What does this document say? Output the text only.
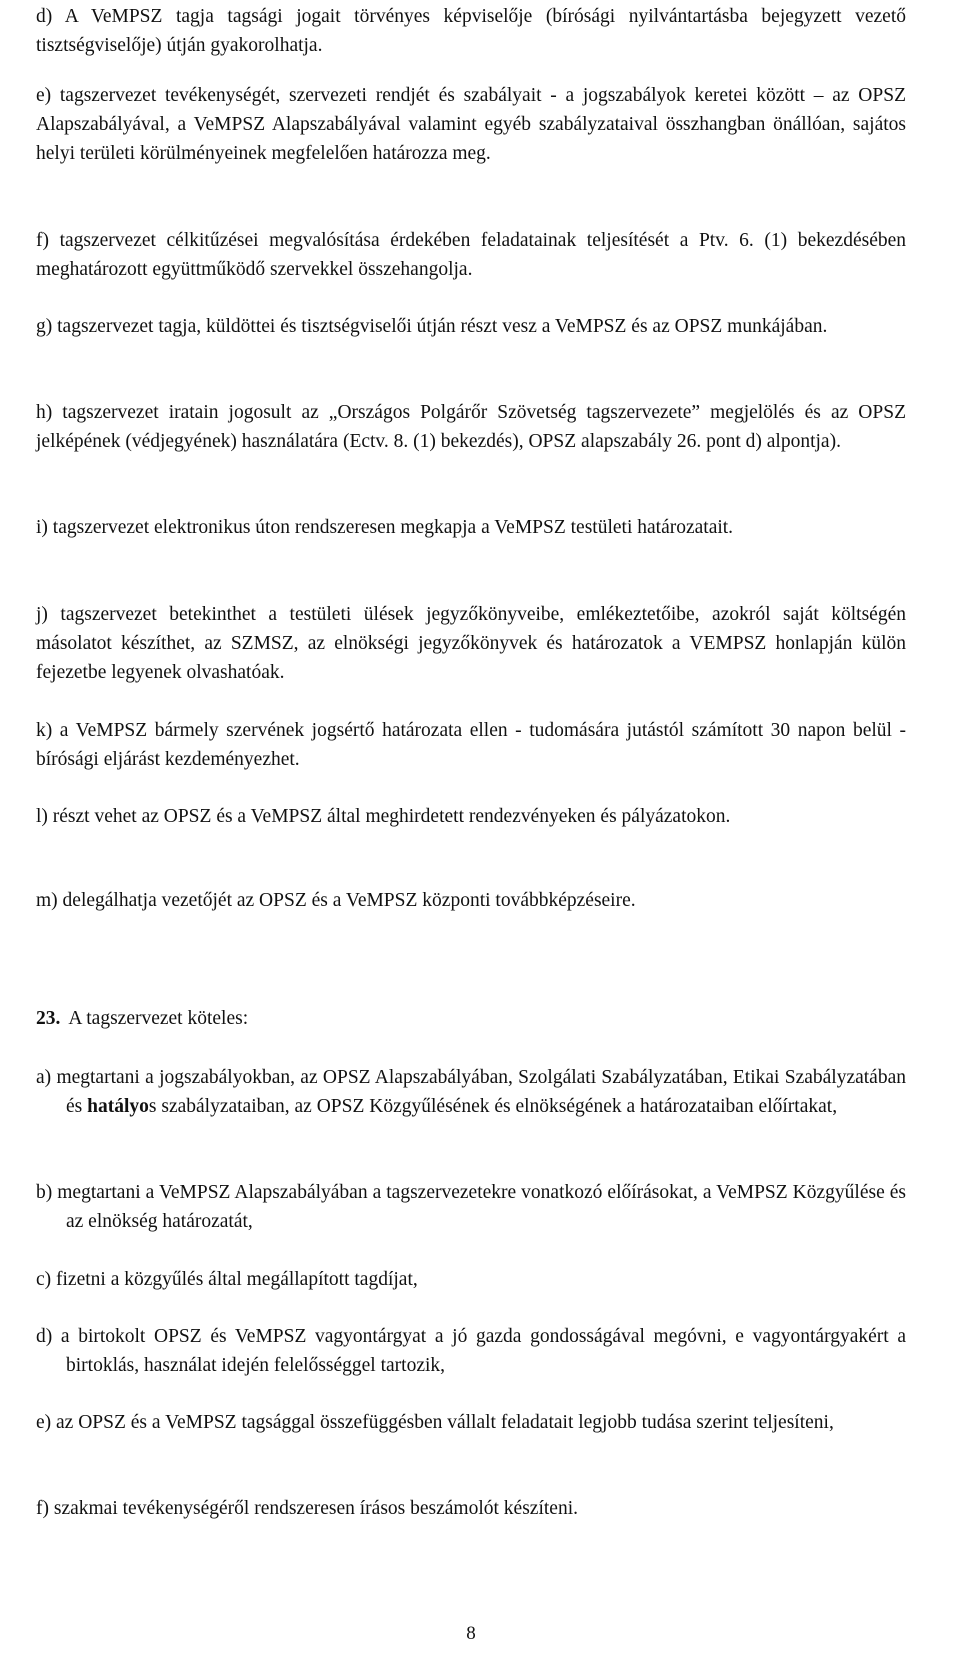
d) A VeMPSZ tagja tagsági jogait törvényes képviselője (bírósági nyilvántartásba bejegyzett vezető tisztségviselője) útján gyakorolhatja.

e) tagszervezet tevékenységét, szervezeti rendjét és szabályait - a jogszabályok keretei között – az OPSZ Alapszabályával, a VeMPSZ Alapszabályával valamint egyéb szabályzataival összhangban önállóan, sajátos helyi területi körülményeinek megfelelően határozza meg.

f) tagszervezet célkitűzései megvalósítása érdekében feladatainak teljesítését a Ptv. 6. (1) bekezdésében meghatározott együttműködő szervekkel összehangolja.

g) tagszervezet tagja, küldöttei és tisztségviselői útján részt vesz a VeMPSZ és az OPSZ munkájában.

h) tagszervezet iratain jogosult az „Országos Polgárőr Szövetség tagszervezete” megjelölés és az OPSZ jelképének (védjegyének) használatára (Ectv. 8. (1) bekezdés), OPSZ alapszabály 26. pont d) alpontja).

i) tagszervezet elektronikus úton rendszeresen megkapja a VeMPSZ testületi határozatait.

j) tagszervezet betekinthet a testületi ülések jegyzőkönyveibe, emlékeztetőibe, azokról saját költségén másolatot készíthet, az SZMSZ, az elnökségi jegyzőkönyvek és határozatok a VEMPSZ honlapján külön fejezetbe legyenek olvashatóak.

k) a VeMPSZ bármely szervének jogsértő határozata ellen - tudomására jutástól számított 30 napon belül - bírósági eljárást kezdeményezhet.

l) részt vehet az OPSZ és a VeMPSZ által meghirdetett rendezvényeken és pályázatokon.

m) delegálhatja vezetőjét az OPSZ és a VeMPSZ központi továbbképzéseire.

23. A tagszervezet köteles:

a) megtartani a jogszabályokban, az OPSZ Alapszabályában, Szolgálati Szabályzatában, Etikai Szabályzatában és hatályos szabályzataiban, az OPSZ Közgyűlésének és elnökségének a határozataiban előírtakat,

b) megtartani a VeMPSZ Alapszabályában a tagszervezetekre vonatkozó előírásokat, a VeMPSZ Közgyűlése és az elnökség határozatát,

c) fizetni a közgyűlés által megállapított tagdíjat,

d) a birtokolt OPSZ és VeMPSZ vagyontárgyat a jó gazda gondosságával megóvni, e vagyontárgyakért a birtoklás, használat idején felelősséggel tartozik,

e) az OPSZ és a VeMPSZ tagsággal összefüggésben vállalt feladatait legjobb tudása szerint teljesíteni,

f) szakmai tevékenységéről rendszeresen írásos beszámolót készíteni.

8
